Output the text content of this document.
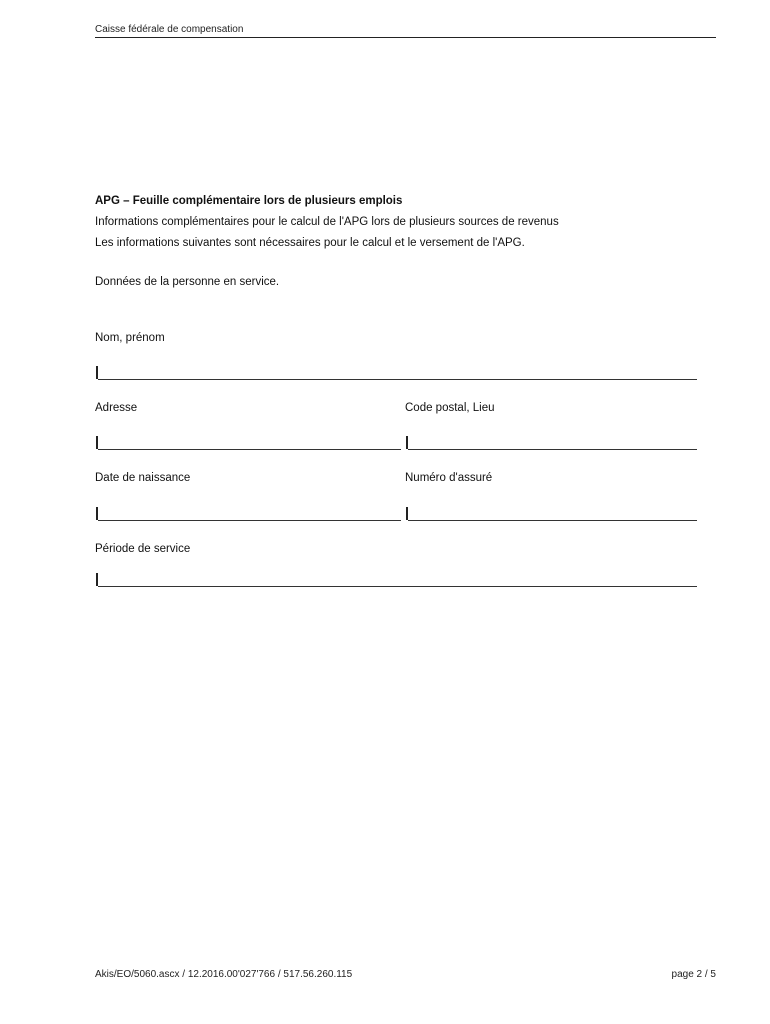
Caisse fédérale de compensation

APG – Feuille complémentaire lors de plusieurs emplois

Informations complémentaires pour le calcul de l'APG lors de plusieurs sources de revenus

Les informations suivantes sont nécessaires pour le calcul et le versement de l'APG.

Données de la personne en service.

Nom, prénom
Adresse	Code postal, Lieu
Date de naissance	Numéro d'assuré
Période de service
Akis/EO/5060.ascx / 12.2016.00'027'766 / 517.56.260.115	page 2 / 5
